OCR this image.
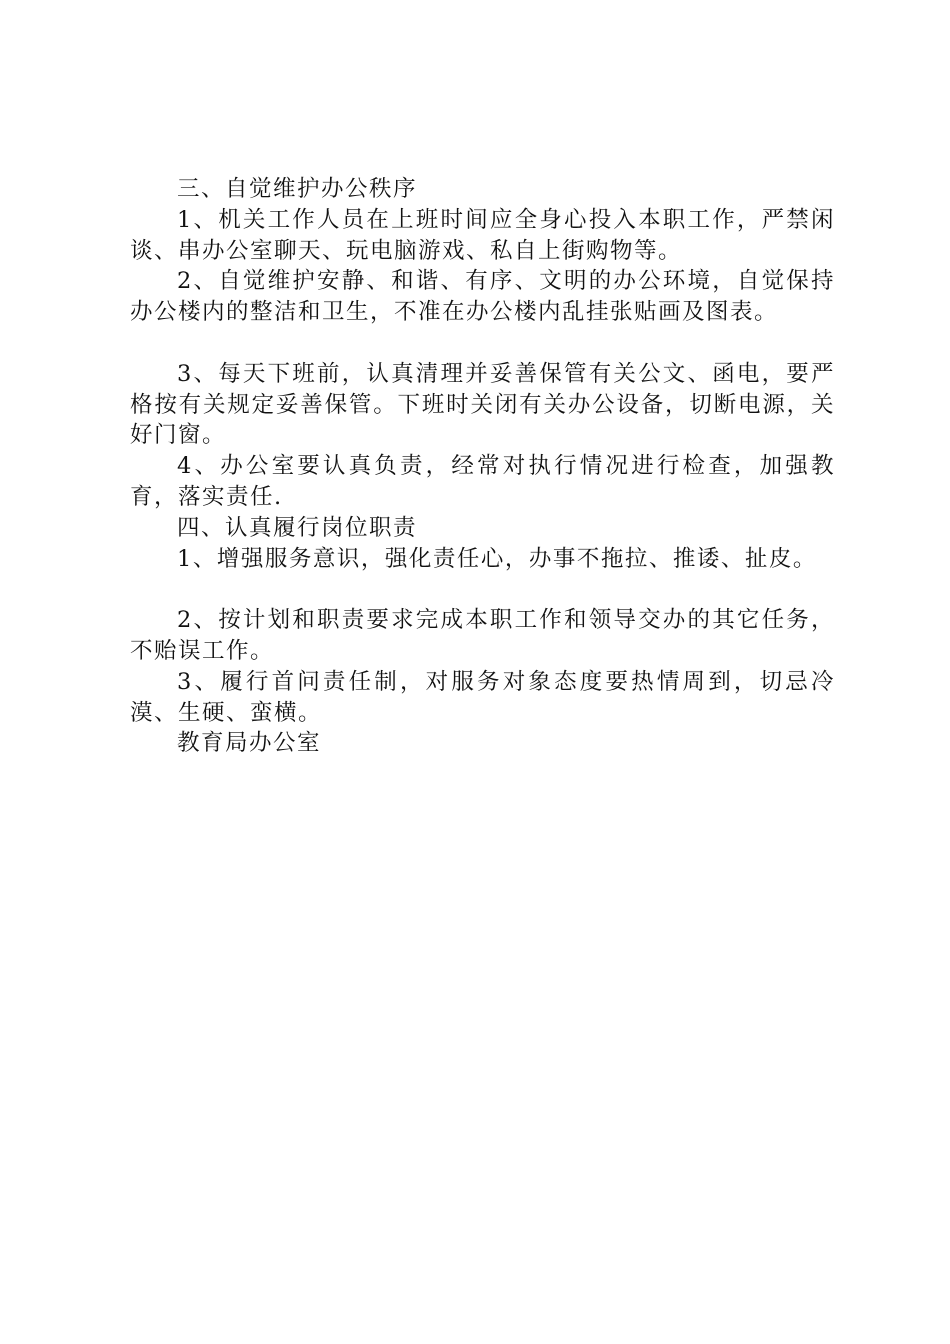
三、自觉维护办公秩序

1、机关工作人员在上班时间应全身心投入本职工作，严禁闲谈、串办公室聊天、玩电脑游戏、私自上街购物等。

2、自觉维护安静、和谐、有序、文明的办公环境，自觉保持办公楼内的整洁和卫生，不准在办公楼内乱挂张贴画及图表。

3、每天下班前，认真清理并妥善保管有关公文、函电，要严格按有关规定妥善保管。下班时关闭有关办公设备，切断电源，关好门窗。

4、办公室要认真负责，经常对执行情况进行检查，加强教育，落实责任.

四、认真履行岗位职责

1、增强服务意识，强化责任心，办事不拖拉、推诿、扯皮。

2、按计划和职责要求完成本职工作和领导交办的其它任务，不贻误工作。

3、履行首问责任制，对服务对象态度要热情周到，切忌冷漠、生硬、蛮横。

教育局办公室
